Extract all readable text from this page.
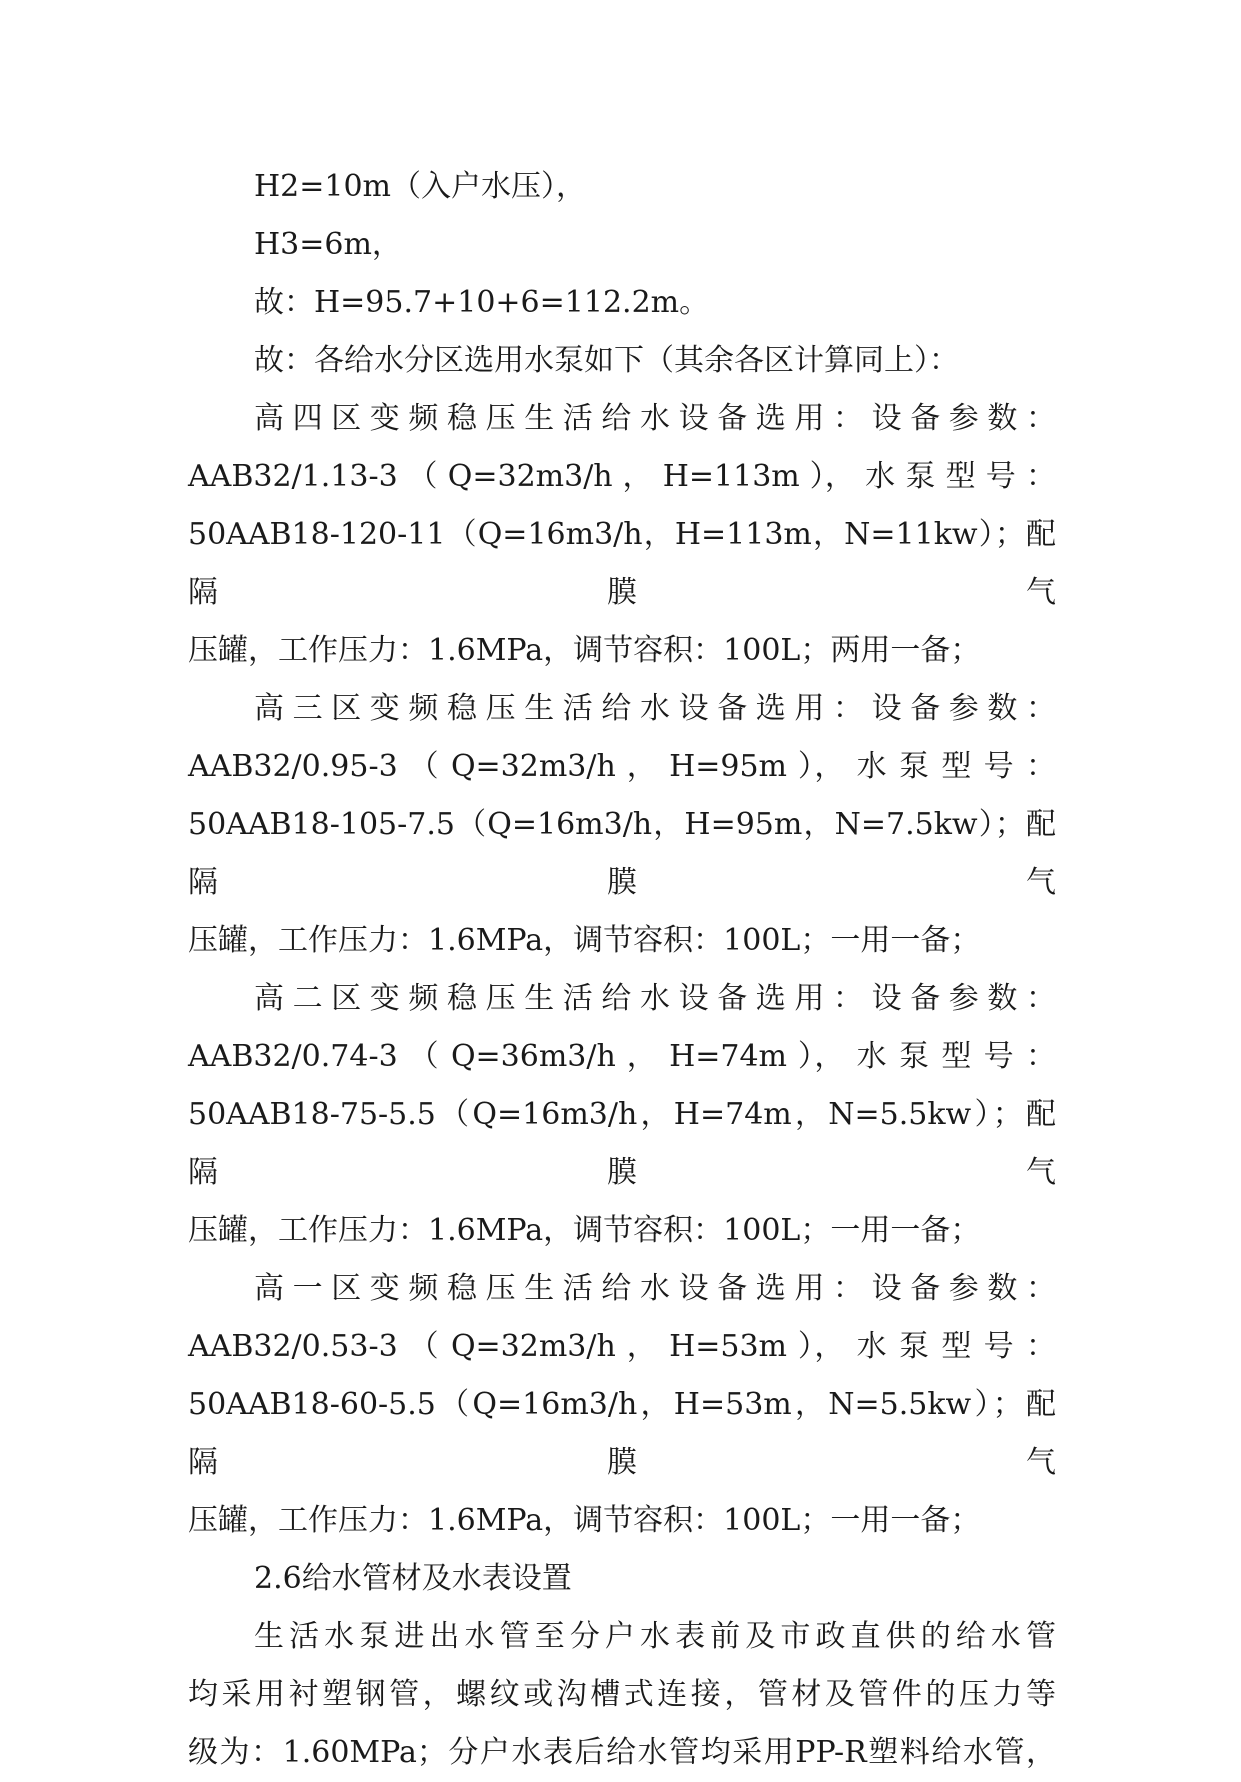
H2=10m（入户水压），

H3=6m，

故：H=95.7+10+6=112.2m。

故：各给水分区选用水泵如下（其余各区计算同上）：

高四区变频稳压生活给水设备选用：设备参数：
AAB32/1.13-3 （ Q=32m3/h ， H=113m ）， 水 泵 型 号 ：
50AAB18-120-11（Q=16m3/h，H=113m，N=11kw）；配隔膜气
压罐，工作压力：1.6MPa，调节容积：100L；两用一备；
高三区变频稳压生活给水设备选用：设备参数：
AAB32/0.95-3 （ Q=32m3/h ， H=95m ）， 水 泵 型 号 ：
50AAB18-105-7.5（Q=16m3/h，H=95m，N=7.5kw）；配隔膜气
压罐，工作压力：1.6MPa，调节容积：100L；一用一备；
高二区变频稳压生活给水设备选用：设备参数：
AAB32/0.74-3 （ Q=36m3/h ， H=74m ）， 水 泵 型 号 ：
50AAB18-75-5.5（Q=16m3/h，H=74m，N=5.5kw）；配隔膜气
压罐，工作压力：1.6MPa，调节容积：100L；一用一备；
高一区变频稳压生活给水设备选用：设备参数：
AAB32/0.53-3 （ Q=32m3/h ， H=53m ）， 水 泵 型 号 ：
50AAB18-60-5.5（Q=16m3/h，H=53m，N=5.5kw）；配隔膜气
压罐，工作压力：1.6MPa，调节容积：100L；一用一备；

2.6给水管材及水表设置

生活水泵进出水管至分户水表前及市政直供的给水管
均采用衬塑钢管，螺纹或沟槽式连接，管材及管件的压力等
级为：1.60MPa；分户水表后给水管均采用PP-R塑料给水管，
